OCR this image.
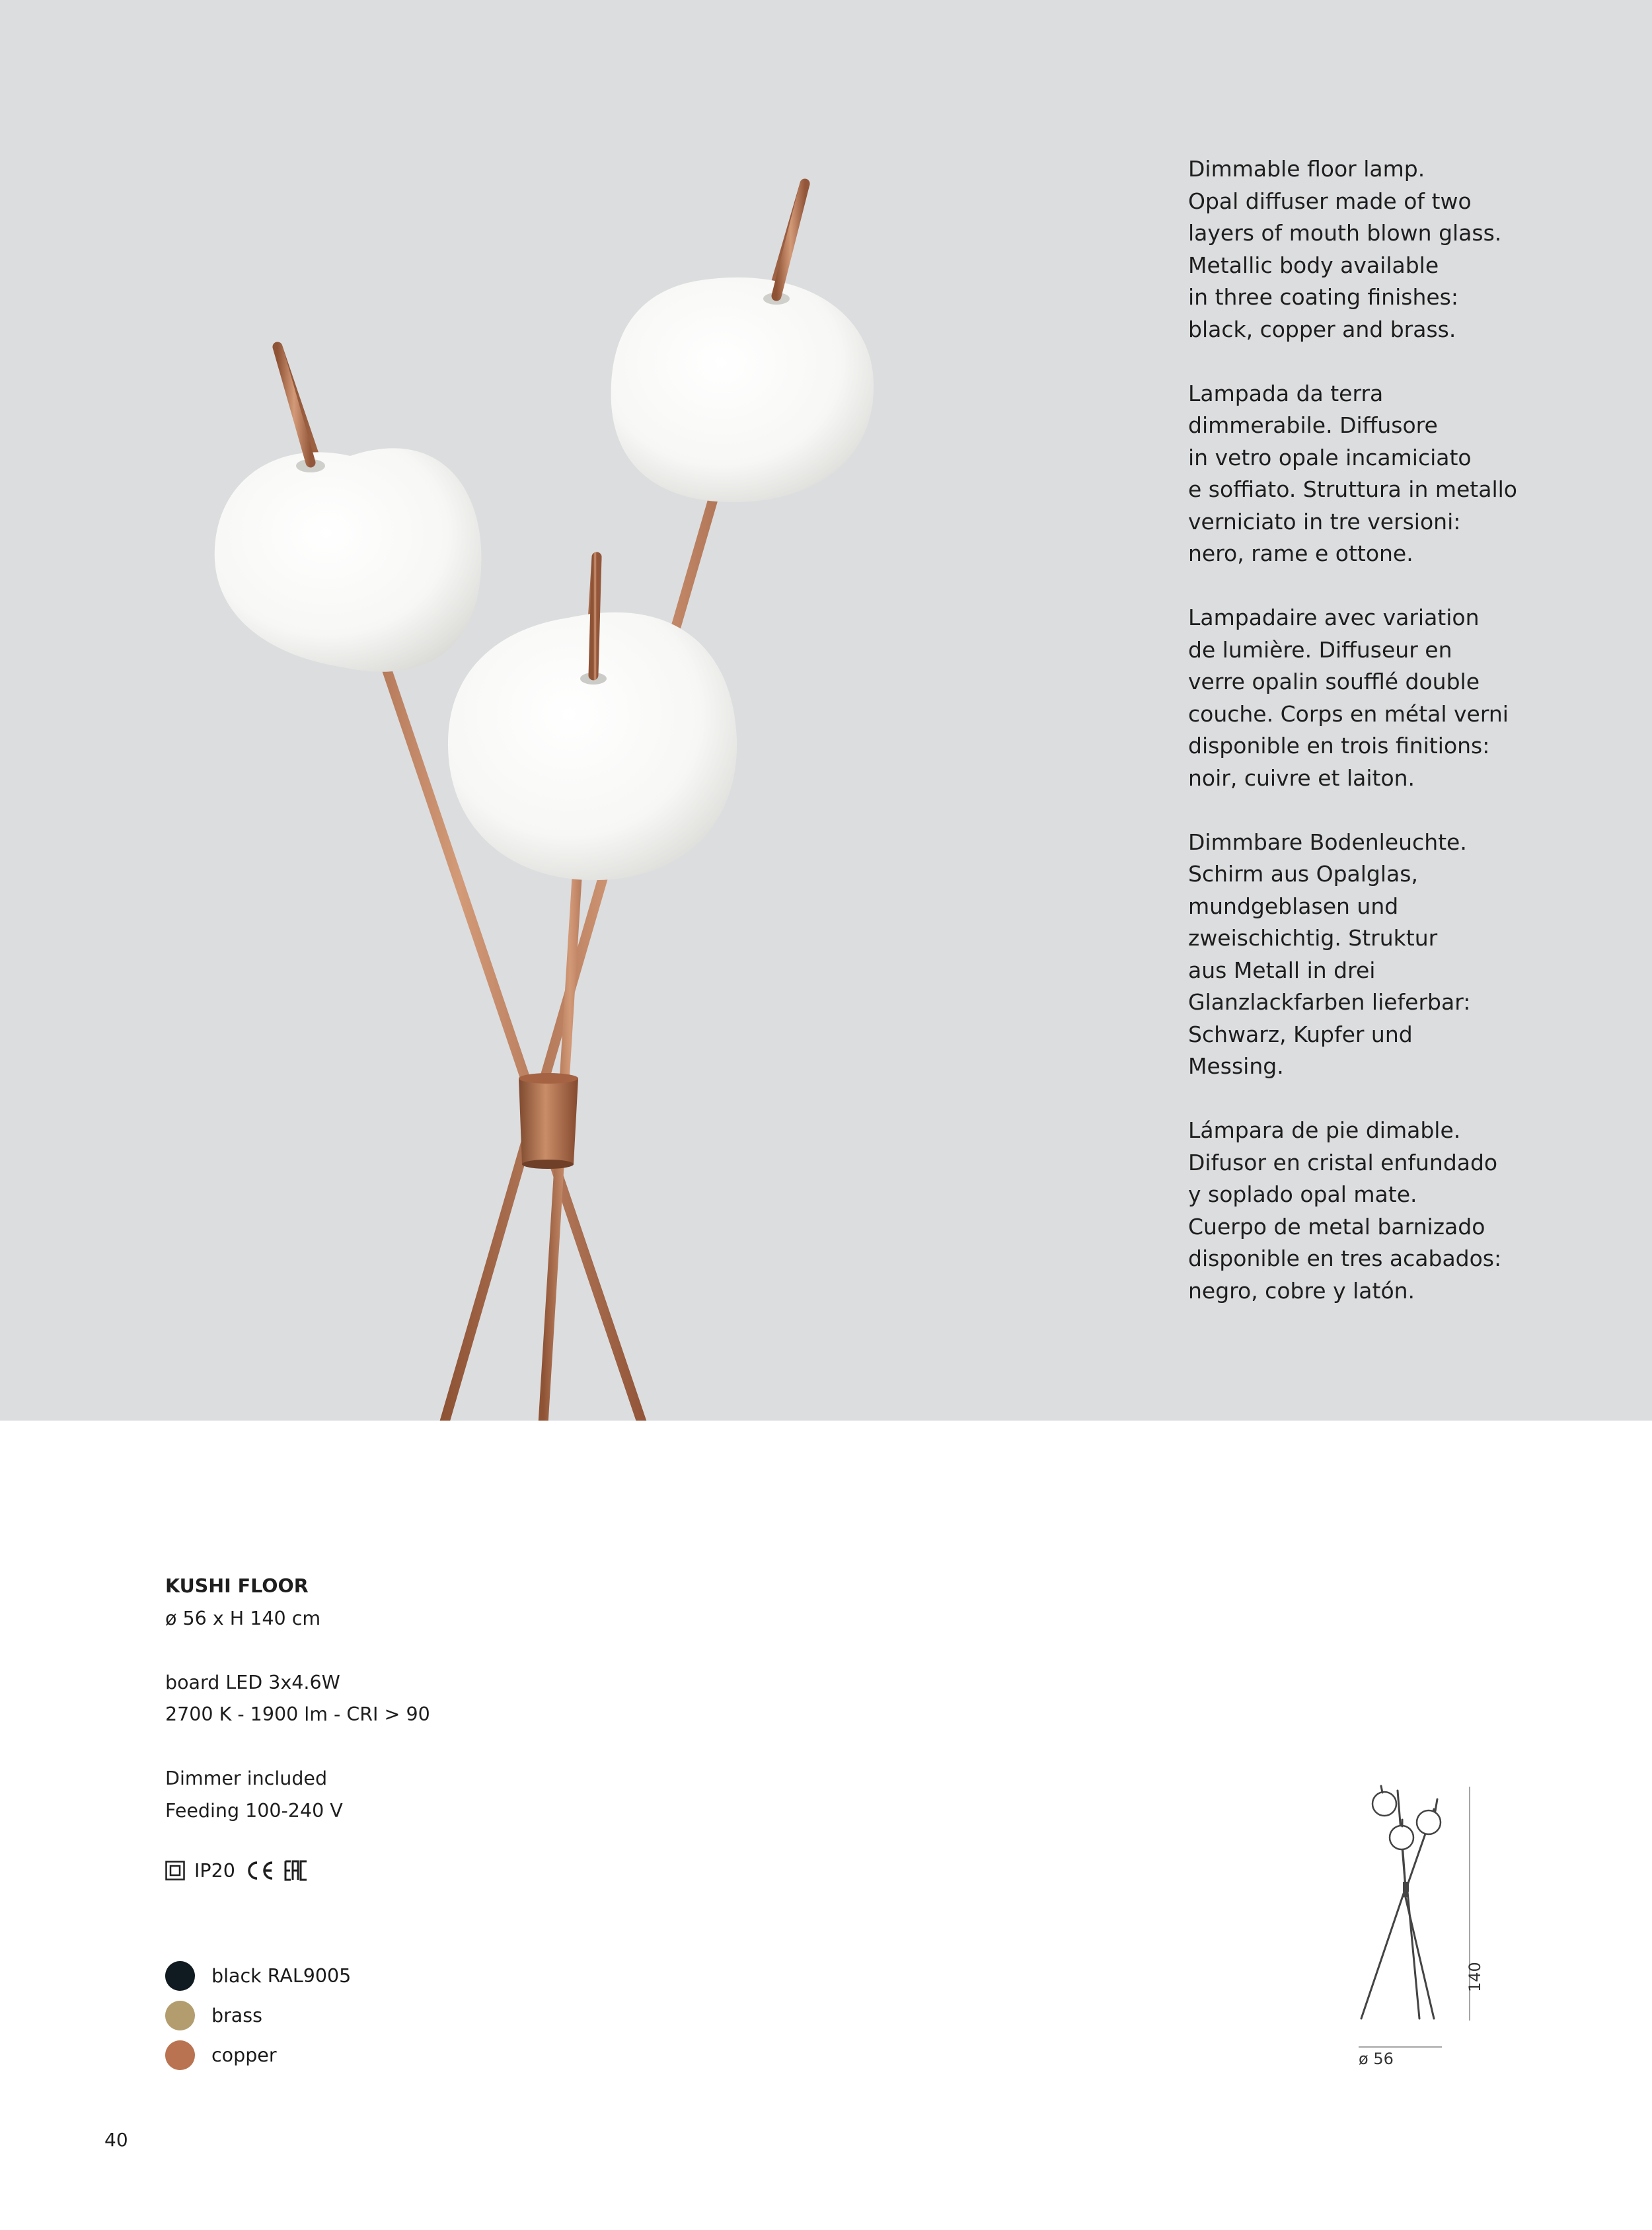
Dimmable floor lamp.
Opal diffuser made of two
layers of mouth blown glass.
Metallic body available
in three coating finishes:
black, copper and brass.

Lampada da terra
dimmerabile. Diffusore
in vetro opale incamiciato
e soffiato. Struttura in metallo
verniciato in tre versioni:
nero, rame e ottone.

Lampadaire avec variation
de lumière. Diffuseur en
verre opalin soufflé double
couche. Corps en métal verni
disponible en trois finitions:
noir, cuivre et laiton.

Dimmbare Bodenleuchte.
Schirm aus Opalglas,
mundgeblasen und
zweischichtig. Struktur
aus Metall in drei
Glanzlackfarben lieferbar:
Schwarz, Kupfer und
Messing.

Lámpara de pie dimable.
Difusor en cristal enfundado
y soplado opal mate.
Cuerpo de metal barnizado
disponible en tres acabados:
negro, cobre y latón.

KUSHI FLOOR
ø 56 x H 140 cm
board LED 3x4.6W
2700 K - 1900 lm - CRI > 90
Dimmer included
Feeding 100-240 V
IP20
black RAL9005
brass
copper
140
ø 56
40
